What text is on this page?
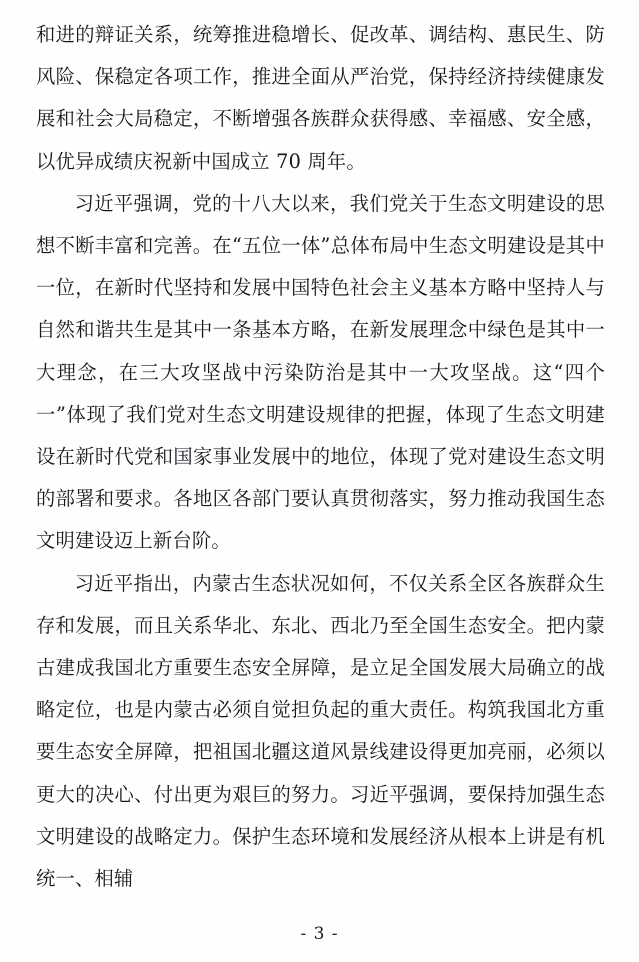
和进的辩证关系，统筹推进稳增长、促改革、调结构、惠民生、防风险、保稳定各项工作，推进全面从严治党，保持经济持续健康发展和社会大局稳定，不断增强各族群众获得感、幸福感、安全感，以优异成绩庆祝新中国成立 70 周年。

习近平强调，党的十八大以来，我们党关于生态文明建设的思想不断丰富和完善。在“五位一体”总体布局中生态文明建设是其中一位，在新时代坚持和发展中国特色社会主义基本方略中坚持人与自然和谐共生是其中一条基本方略，在新发展理念中绿色是其中一大理念，在三大攻坚战中污染防治是其中一大攻坚战。这“四个一”体现了我们党对生态文明建设规律的把握，体现了生态文明建设在新时代党和国家事业发展中的地位，体现了党对建设生态文明的部署和要求。各地区各部门要认真贯彻落实，努力推动我国生态文明建设迈上新台阶。

习近平指出，内蒙古生态状况如何，不仅关系全区各族群众生存和发展，而且关系华北、东北、西北乃至全国生态安全。把内蒙古建成我国北方重要生态安全屏障，是立足全国发展大局确立的战略定位，也是内蒙古必须自觉担负起的重大责任。构筑我国北方重要生态安全屏障，把祖国北疆这道风景线建设得更加亮丽，必须以更大的决心、付出更为艰巨的努力。习近平强调，要保持加强生态文明建设的战略定力。保护生态环境和发展经济从根本上讲是有机统一、相辅

- 3 -
